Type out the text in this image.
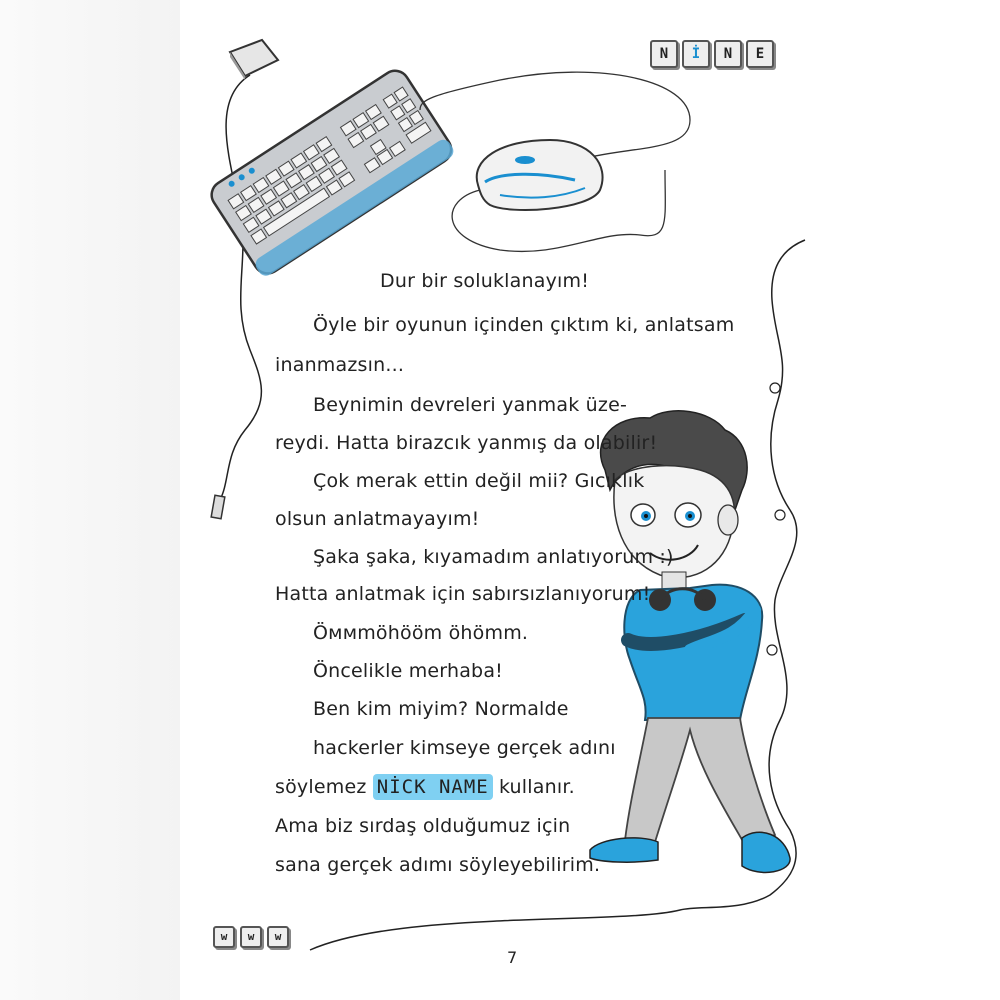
N	İ	N	E
w	w	w
Dur bir soluklanayım!
Öyle bir oyunun içinden çıktım ki, anlatsam
inanmazsın...
Beynimin devreleri yanmak üze-
reydi. Hatta birazcık yanmış da olabilir!
Çok merak ettin değil mii? Gıcıklık
olsun anlatmayayım!
Şaka şaka, kıyamadım anlatıyorum :)
Hatta anlatmak için sabırsızlanıyorum!
Öммmöhööm öhömm.
Öncelikle merhaba!
Ben kim miyim? Normalde
hackerler kimseye gerçek adını
söylemez NİCK NAME kullanır.
Ama biz sırdaş olduğumuz için
sana gerçek adımı söyleyebilirim.
7
